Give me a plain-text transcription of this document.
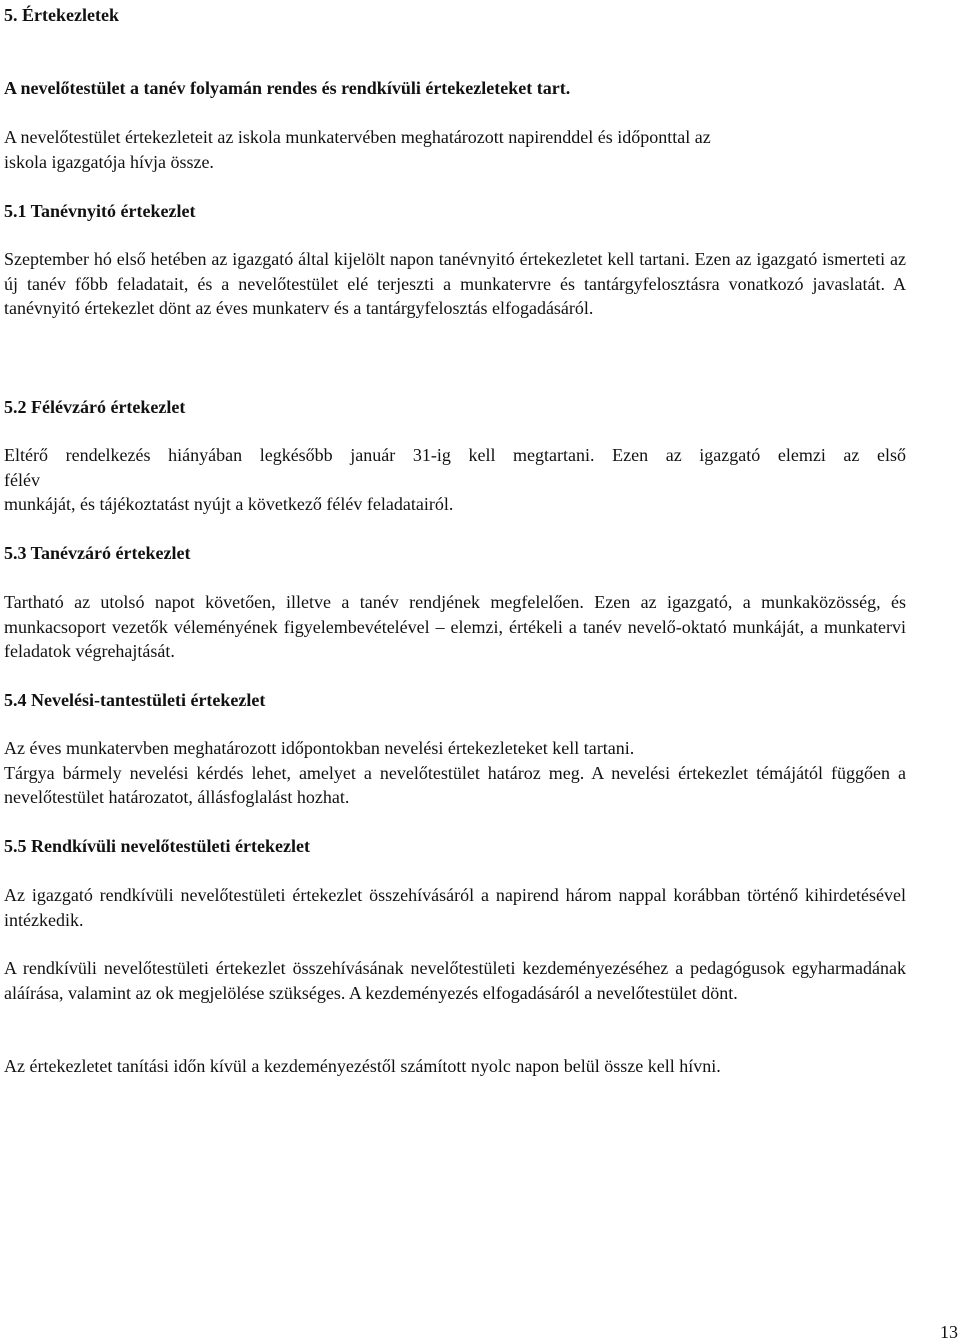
5. Értekezletek
A nevelőtestület a tanév folyamán rendes és rendkívüli értekezleteket tart.
A nevelőtestület értekezleteit az iskola munkatervében meghatározott napirenddel és időponttal az
iskola igazgatója hívja össze.
5.1 Tanévnyitó értekezlet

Szeptember hó első hetében az igazgató által kijelölt napon tanévnyitó értekezletet kell tartani. Ezen az igazgató ismerteti az új tanév főbb feladatait, és a nevelőtestület elé terjeszti a munkatervre és tantárgyfelosztásra vonatkozó javaslatát. A tanévnyitó értekezlet dönt az éves munkaterv és a tantárgyfelosztás elfogadásáról.

5.2 Félévzáró értekezlet
Eltérő rendelkezés hiányában legkésőbb január 31-ig kell megtartani. Ezen az igazgató elemzi az első
félév
munkáját, és tájékoztatást nyújt a következő félév feladatairól.
5.3 Tanévzáró értekezlet

Tartható az utolsó napot követően, illetve a tanév rendjének megfelelően. Ezen az igazgató, a munkaközösség, és munkacsoport vezetők véleményének figyelembevételével – elemzi, értékeli a tanév nevelő-oktató munkáját, a munkatervi feladatok végrehajtását.

5.4 Nevelési-tantestületi értekezlet
Az éves munkatervben meghatározott időpontokban nevelési értekezleteket kell tartani.
Tárgya bármely nevelési kérdés lehet, amelyet a nevelőtestület határoz meg. A nevelési értekezlet témájától függően a nevelőtestület határozatot, állásfoglalást hozhat.
5.5 Rendkívüli nevelőtestületi értekezlet

Az igazgató rendkívüli nevelőtestületi értekezlet összehívásáról a napirend három nappal korábban történő kihirdetésével intézkedik.

A rendkívüli nevelőtestületi értekezlet összehívásának nevelőtestületi kezdeményezéséhez a pedagógusok egyharmadának aláírása, valamint az ok megjelölése szükséges. A kezdeményezés elfogadásáról a nevelőtestület dönt.

Az értekezletet tanítási időn kívül a kezdeményezéstől számított nyolc napon belül össze kell hívni.

13
